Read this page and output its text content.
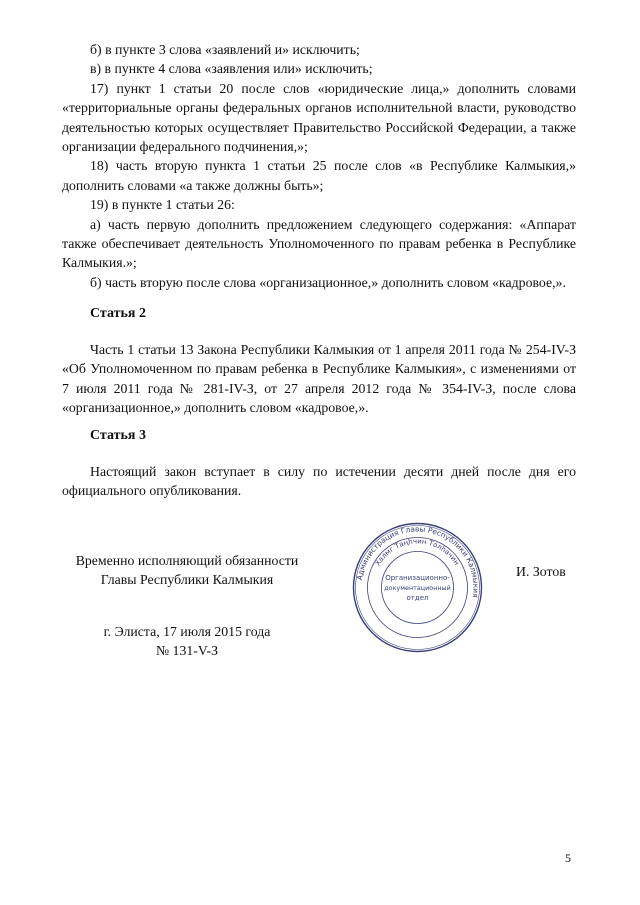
б) в пункте 3 слова «заявлений и» исключить;

в) в пункте 4 слова «заявления или» исключить;

17) пункт 1 статьи 20 после слов «юридические лица,» дополнить словами «территориальные органы федеральных органов исполнительной власти, руководство деятельностью которых осуществляет Правительство Российской Федерации, а также организации федерального подчинения,»;

18) часть вторую пункта 1 статьи 25 после слов «в Республике Калмыкия,» дополнить словами «а также должны быть»;

19) в пункте 1 статьи 26:

а) часть первую дополнить предложением следующего содержания: «Аппарат также обеспечивает деятельность Уполномоченного по правам ребенка в Республике Калмыкия.»;

б) часть вторую после слова «организационное,» дополнить словом «кадровое,».

Статья 2

Часть 1 статьи 13 Закона Республики Калмыкия от 1 апреля 2011 года № 254-IV-З «Об Уполномоченном по правам ребенка в Республике Калмыкия», с изменениями от 7 июля 2011 года № 281-IV-З, от 27 апреля 2012 года № 354-IV-З, после слова «организационное,» дополнить словом «кадровое,».

Статья 3

Настоящий закон вступает в силу по истечении десяти дней после дня его официального опубликования.

Временно исполняющий обязанности
Главы Республики Калмыкия	Администрация Главы Республики Калмыкия
Халмг Таңһчин Толһачин
Организационно-
документационный
отдел
И. Зотов
г. Элиста, 17 июля 2015 года
№ 131-V-З
5
